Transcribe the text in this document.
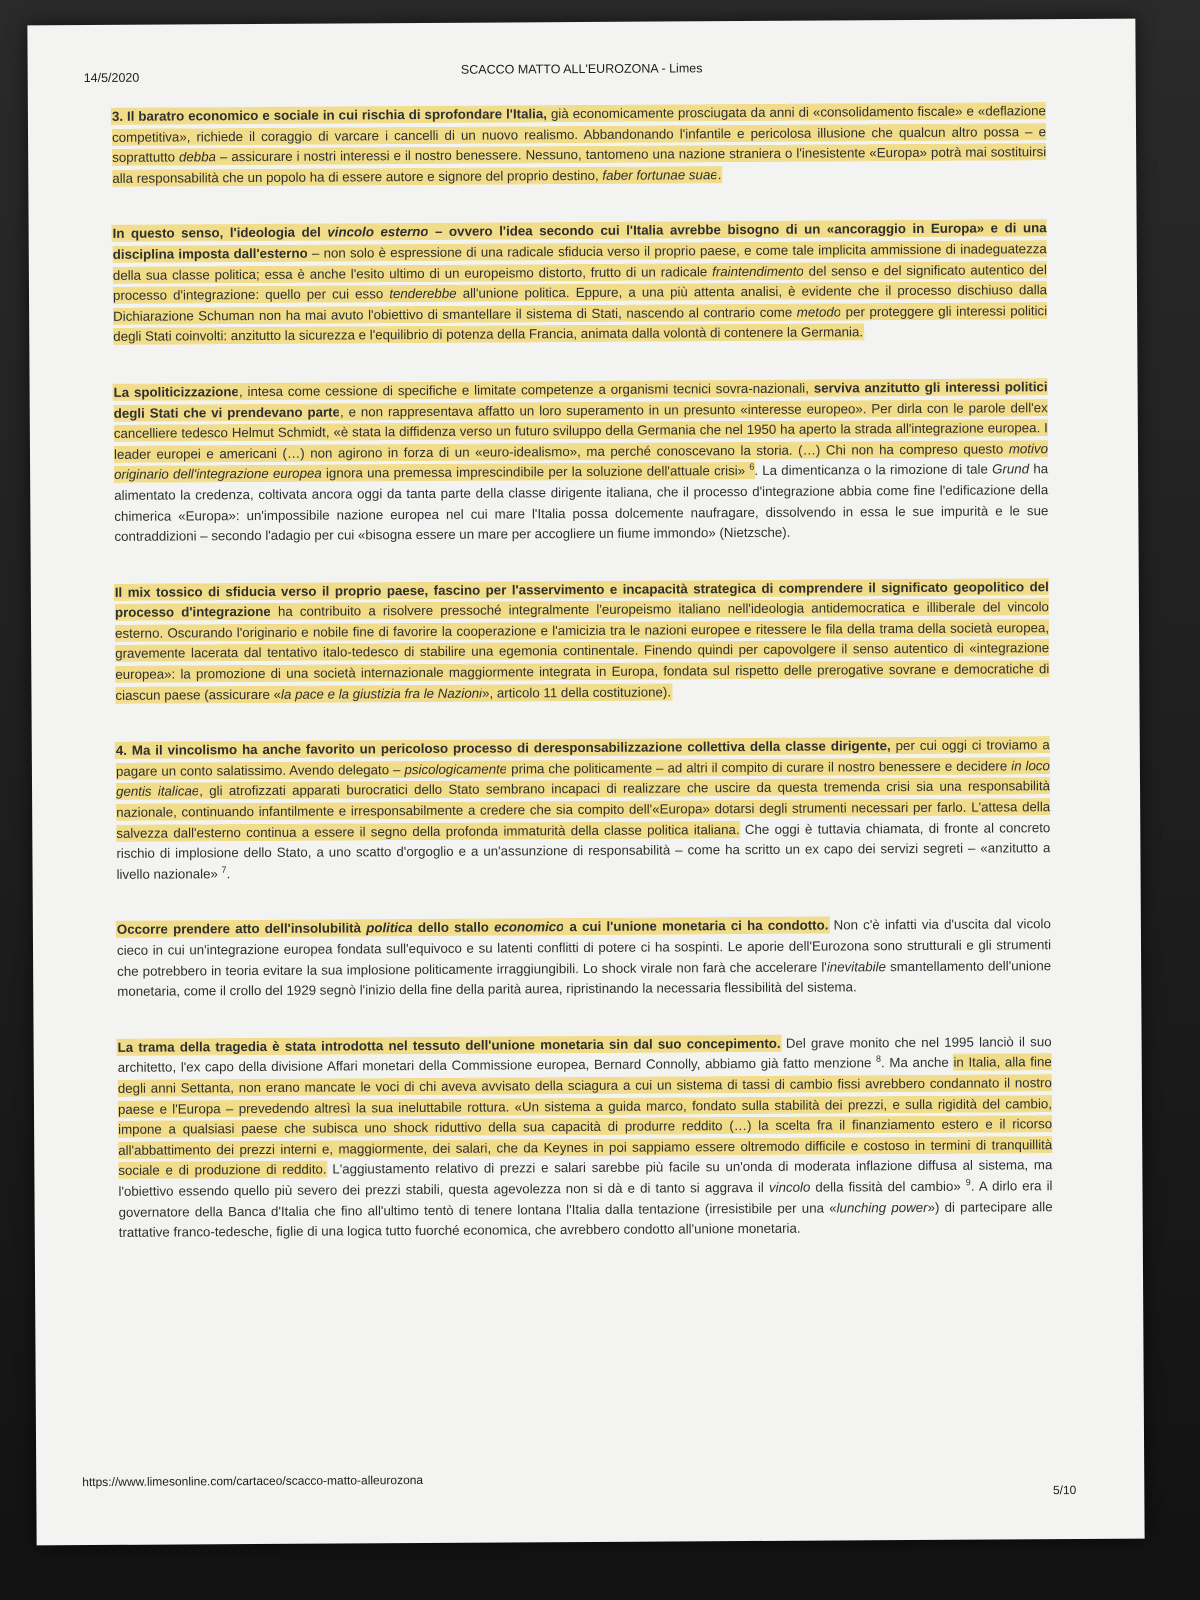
14/5/2020
SCACCO MATTO ALL'EUROZONA - Limes

3. Il baratro economico e sociale in cui rischia di sprofondare l'Italia, già economicamente prosciugata da anni di «consolidamento fiscale» e «deflazione competitiva», richiede il coraggio di varcare i cancelli di un nuovo realismo. Abbandonando l'infantile e pericolosa illusione che qualcun altro possa – e soprattutto debba – assicurare i nostri interessi e il nostro benessere. Nessuno, tantomeno una nazione straniera o l'inesistente «Europa» potrà mai sostituirsi alla responsabilità che un popolo ha di essere autore e signore del proprio destino, faber fortunae suae.

In questo senso, l'ideologia del vincolo esterno – ovvero l'idea secondo cui l'Italia avrebbe bisogno di un «ancoraggio in Europa» e di una disciplina imposta dall'esterno – non solo è espressione di una radicale sfiducia verso il proprio paese, e come tale implicita ammissione di inadeguatezza della sua classe politica; essa è anche l'esito ultimo di un europeismo distorto, frutto di un radicale fraintendimento del senso e del significato autentico del processo d'integrazione: quello per cui esso tenderebbe all'unione politica. Eppure, a una più attenta analisi, è evidente che il processo dischiuso dalla Dichiarazione Schuman non ha mai avuto l'obiettivo di smantellare il sistema di Stati, nascendo al contrario come metodo per proteggere gli interessi politici degli Stati coinvolti: anzitutto la sicurezza e l'equilibrio di potenza della Francia, animata dalla volontà di contenere la Germania.

La spoliticizzazione, intesa come cessione di specifiche e limitate competenze a organismi tecnici sovra-nazionali, serviva anzitutto gli interessi politici degli Stati che vi prendevano parte, e non rappresentava affatto un loro superamento in un presunto «interesse europeo». Per dirla con le parole dell'ex cancelliere tedesco Helmut Schmidt, «è stata la diffidenza verso un futuro sviluppo della Germania che nel 1950 ha aperto la strada all'integrazione europea. I leader europei e americani (…) non agirono in forza di un «euro-idealismo», ma perché conoscevano la storia. (…) Chi non ha compreso questo motivo originario dell'integrazione europea ignora una premessa imprescindibile per la soluzione dell'attuale crisi» $^6$. La dimenticanza o la rimozione di tale Grund ha alimentato la credenza, coltivata ancora oggi da tanta parte della classe dirigente italiana, che il processo d'integrazione abbia come fine l'edificazione della chimerica «Europa»: un'impossibile nazione europea nel cui mare l'Italia possa dolcemente naufragare, dissolvendo in essa le sue impurità e le sue contraddizioni – secondo l'adagio per cui «bisogna essere un mare per accogliere un fiume immondo» (Nietzsche).

Il mix tossico di sfiducia verso il proprio paese, fascino per l'asservimento e incapacità strategica di comprendere il significato geopolitico del processo d'integrazione ha contribuito a risolvere pressoché integralmente l'europeismo italiano nell'ideologia antidemocratica e illiberale del vincolo esterno. Oscurando l'originario e nobile fine di favorire la cooperazione e l'amicizia tra le nazioni europee e ritessere le fila della trama della società europea, gravemente lacerata dal tentativo italo-tedesco di stabilire una egemonia continentale. Finendo quindi per capovolgere il senso autentico di «integrazione europea»: la promozione di una società internazionale maggiormente integrata in Europa, fondata sul rispetto delle prerogative sovrane e democratiche di ciascun paese (assicurare «la pace e la giustizia fra le Nazioni», articolo 11 della costituzione).

4. Ma il vincolismo ha anche favorito un pericoloso processo di deresponsabilizzazione collettiva della classe dirigente, per cui oggi ci troviamo a pagare un conto salatissimo. Avendo delegato – psicologicamente prima che politicamente – ad altri il compito di curare il nostro benessere e decidere in loco gentis italicae, gli atrofizzati apparati burocratici dello Stato sembrano incapaci di realizzare che uscire da questa tremenda crisi sia una responsabilità nazionale, continuando infantilmente e irresponsabilmente a credere che sia compito dell'«Europa» dotarsi degli strumenti necessari per farlo. L'attesa della salvezza dall'esterno continua a essere il segno della profonda immaturità della classe politica italiana. Che oggi è tuttavia chiamata, di fronte al concreto rischio di implosione dello Stato, a uno scatto d'orgoglio e a un'assunzione di responsabilità – come ha scritto un ex capo dei servizi segreti – «anzitutto a livello nazionale» $^7$.

Occorre prendere atto dell'insolubilità politica dello stallo economico a cui l'unione monetaria ci ha condotto. Non c'è infatti via d'uscita dal vicolo cieco in cui un'integrazione europea fondata sull'equivoco e su latenti conflitti di potere ci ha sospinti. Le aporie dell'Eurozona sono strutturali e gli strumenti che potrebbero in teoria evitare la sua implosione politicamente irraggiungibili. Lo shock virale non farà che accelerare l'inevitabile smantellamento dell'unione monetaria, come il crollo del 1929 segnò l'inizio della fine della parità aurea, ripristinando la necessaria flessibilità del sistema.

La trama della tragedia è stata introdotta nel tessuto dell'unione monetaria sin dal suo concepimento. Del grave monito che nel 1995 lanciò il suo architetto, l'ex capo della divisione Affari monetari della Commissione europea, Bernard Connolly, abbiamo già fatto menzione $^8$. Ma anche in Italia, alla fine degli anni Settanta, non erano mancate le voci di chi aveva avvisato della sciagura a cui un sistema di tassi di cambio fissi avrebbero condannato il nostro paese e l'Europa – prevedendo altresì la sua ineluttabile rottura. «Un sistema a guida marco, fondato sulla stabilità dei prezzi, e sulla rigidità del cambio, impone a qualsiasi paese che subisca uno shock riduttivo della sua capacità di produrre reddito (…) la scelta fra il finanziamento estero e il ricorso all'abbattimento dei prezzi interni e, maggiormente, dei salari, che da Keynes in poi sappiamo essere oltremodo difficile e costoso in termini di tranquillità sociale e di produzione di reddito. L'aggiustamento relativo di prezzi e salari sarebbe più facile su un'onda di moderata inflazione diffusa al sistema, ma l'obiettivo essendo quello più severo dei prezzi stabili, questa agevolezza non si dà e di tanto si aggrava il vincolo della fissità del cambio» $^9$. A dirlo era il governatore della Banca d'Italia che fino all'ultimo tentò di tenere lontana l'Italia dalla tentazione (irresistibile per una «lunching power») di partecipare alle trattative franco-tedesche, figlie di una logica tutto fuorché economica, che avrebbero condotto all'unione monetaria.

https://www.limesonline.com/cartaceo/scacco-matto-alleurozona
5/10
